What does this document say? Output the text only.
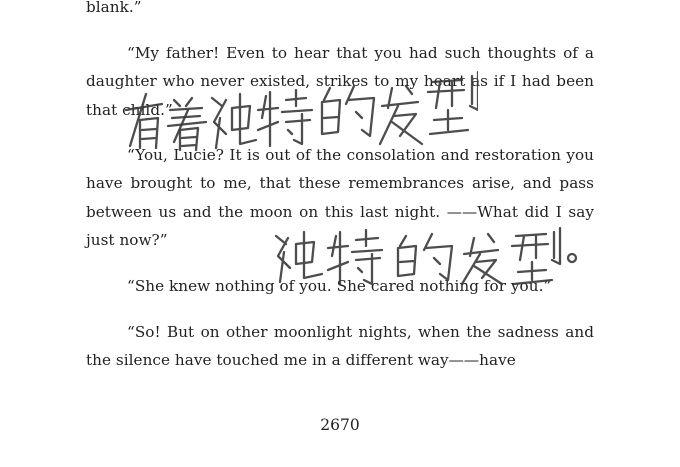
blank.”

“My father! Even to hear that you had such thoughts of a daughter who never existed, strikes to my heart as if I had been that child.”

“You, Lucie? It is out of the consolation and restoration you have brought to me, that these remembrances arise, and pass between us and the moon on this last night. ——What did I say just now?”

“She knew nothing of you. She cared nothing for you.”

“So! But on other moonlight nights, when the sadness and the silence have touched me in a different way——have

2670
